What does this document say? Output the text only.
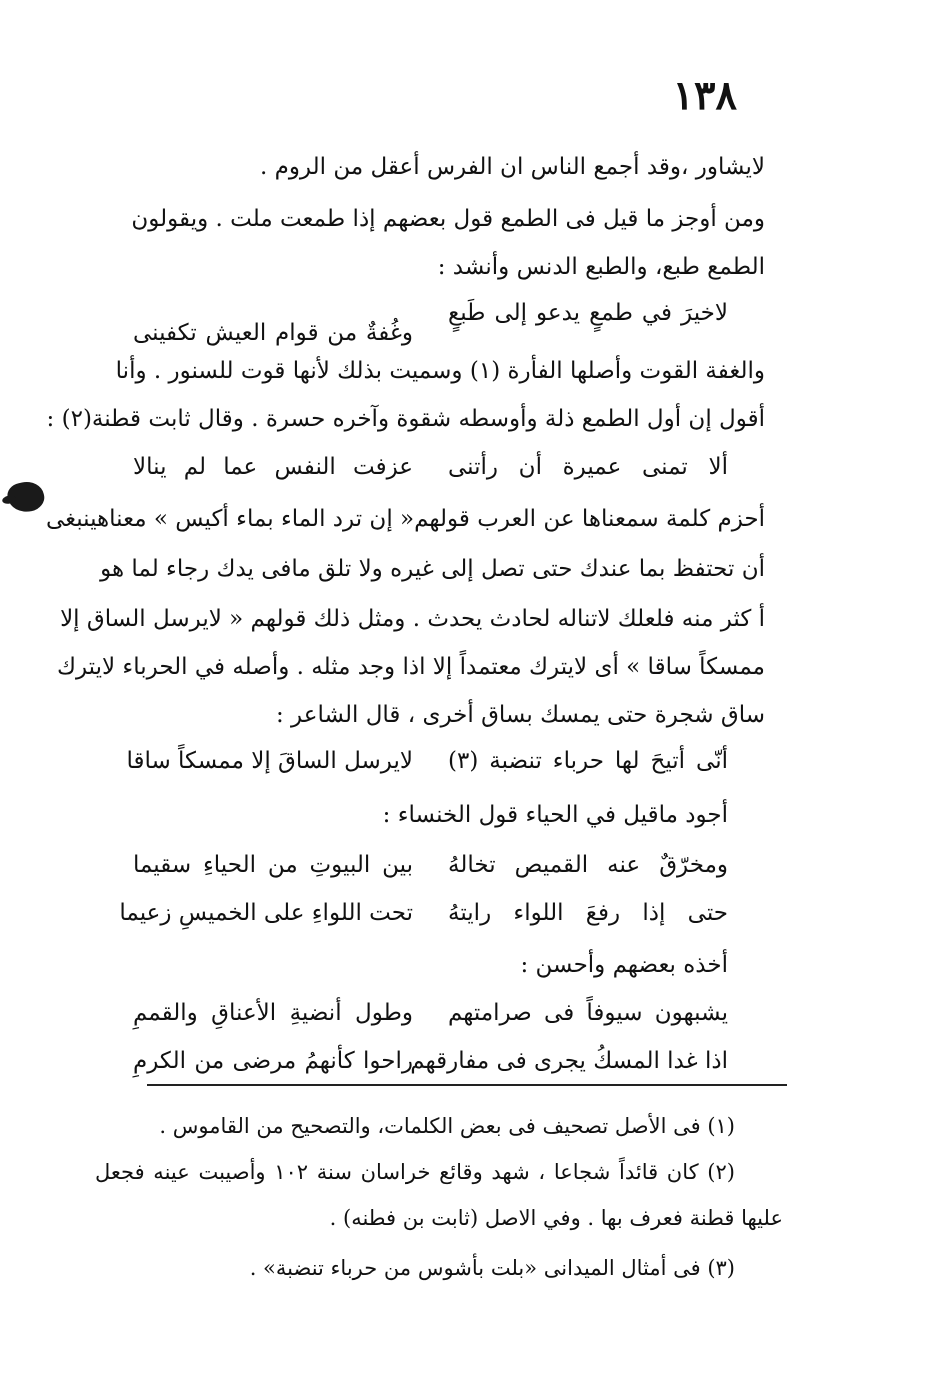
١٣٨
لايشاور ،وقد أجمع الناس ان الفرس أعقل من الروم .
ومن أوجز ما قيل فى الطمع قول بعضهم إذا طمعت ملت . ويقولون
الطمع طبع، والطبع الدنس وأنشد :
لاخيرَ في طمعٍ يدعو إلى طَبعٍ
وغُفةٌ من قوام العيش تكفينى
والغفة القوت وأصلها الفأرة (١) وسميت بذلك لأنها قوت للسنور . وأنا
أقول إن أول الطمع ذلة وأوسطه شقوة وآخره حسرة . وقال ثابت قطنة(٢) :
ألا تمنى عميرة أن رأتنى
عزفت النفس عما لم ينالا
أحزم كلمة سمعناها عن العرب قولهم« إن ترد الماء بماء أكيس » معناهينبغى
أن تحتفظ بما عندك حتى تصل إلى غيره ولا تلق مافى يدك رجاء لما هو
أ كثر منه فلعلك لاتناله لحادث يحدث . ومثل ذلك قولهم « لايرسل الساق إلا
ممسكاً ساقا » أى لايترك معتمداً إلا اذا وجد مثله . وأصله في الحرباء لايترك
ساق شجرة حتى يمسك بساق أخرى ، قال الشاعر :
أنّى أتيحَ لها حرباء تنضبة (٣)
لايرسل الساقَ إلا ممسكاً ساقا
أجود ماقيل في الحياء قول الخنساء :
ومخرّقٌ عنه القميص تخالهُ
بين البيوتِ من الحياءِ سقيما
حتى إذا رفعَ اللواء رايتهُ
تحت اللواءِ على الخميسِ زعيما
أخذه بعضهم وأحسن :
يشبهون سيوفاً فى صرامتهم
وطول أنضيةِ الأعناقِ والقممِ
اذا غدا المسكُ يجرى فى مفارقهم
راحوا كأنهمُ مرضى من الكرمِ
(١) فى الأصل تصحيف فى بعض الكلمات، والتصحيح من القاموس .
(٢) كان قائداً شجاعا ، شهد وقائع خراسان سنة ١٠٢ وأصيبت عينه فجعل
عليها قطنة فعرف بها . وفي الاصل (ثابت بن فطنه) .
(٣) فى أمثال الميدانى «بلت بأشوس من حرباء تنضبة» .
